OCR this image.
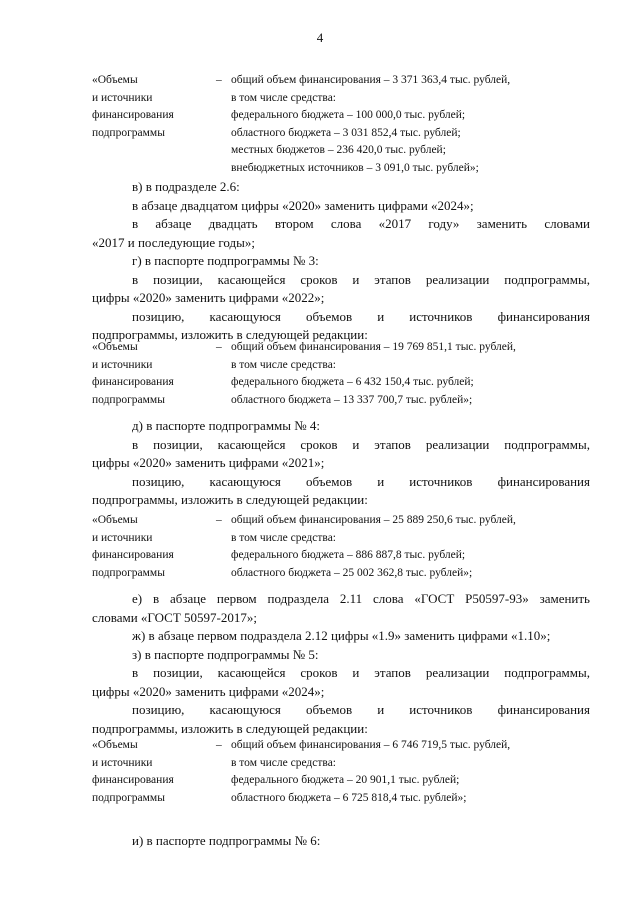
4
«Объемы
и источники
финансирования
подпрограммы
– общий объем финансирования – 3 371 363,4 тыс. рублей,
в том числе средства:
федерального бюджета – 100 000,0 тыс. рублей;
областного бюджета – 3 031 852,4 тыс. рублей;
местных бюджетов – 236 420,0 тыс. рублей;
внебюджетных источников – 3 091,0 тыс. рублей»;
в) в подразделе 2.6:
в абзаце двадцатом цифры «2020» заменить цифрами «2024»;
в абзаце двадцать втором слова «2017 году» заменить словами
«2017 и последующие годы»;
г) в паспорте подпрограммы № 3:
в позиции, касающейся сроков и этапов реализации подпрограммы,
цифры «2020» заменить цифрами «2022»;
позицию, касающуюся объемов и источников финансирования
подпрограммы, изложить в следующей редакции:
«Объемы
и источники
финансирования
подпрограммы
– общий объем финансирования – 19 769 851,1 тыс. рублей,
в том числе средства:
федерального бюджета – 6 432 150,4 тыс. рублей;
областного бюджета – 13 337 700,7 тыс. рублей»;
д) в паспорте подпрограммы № 4:
в позиции, касающейся сроков и этапов реализации подпрограммы,
цифры «2020» заменить цифрами «2021»;
позицию, касающуюся объемов и источников финансирования
подпрограммы, изложить в следующей редакции:
«Объемы
и источники
финансирования
подпрограммы
– общий объем финансирования – 25 889 250,6 тыс. рублей,
в том числе средства:
федерального бюджета – 886 887,8 тыс. рублей;
областного бюджета – 25 002 362,8 тыс. рублей»;
е) в абзаце первом подраздела 2.11 слова «ГОСТ Р50597-93» заменить
словами «ГОСТ 50597-2017»;
ж) в абзаце первом подраздела 2.12 цифры «1.9» заменить цифрами «1.10»;
з) в паспорте подпрограммы № 5:
в позиции, касающейся сроков и этапов реализации подпрограммы,
цифры «2020» заменить цифрами «2024»;
позицию, касающуюся объемов и источников финансирования
подпрограммы, изложить в следующей редакции:
«Объемы
и источники
финансирования
подпрограммы
– общий объем финансирования – 6 746 719,5 тыс. рублей,
в том числе средства:
федерального бюджета – 20 901,1 тыс. рублей;
областного бюджета – 6 725 818,4 тыс. рублей»;
и) в паспорте подпрограммы № 6:
